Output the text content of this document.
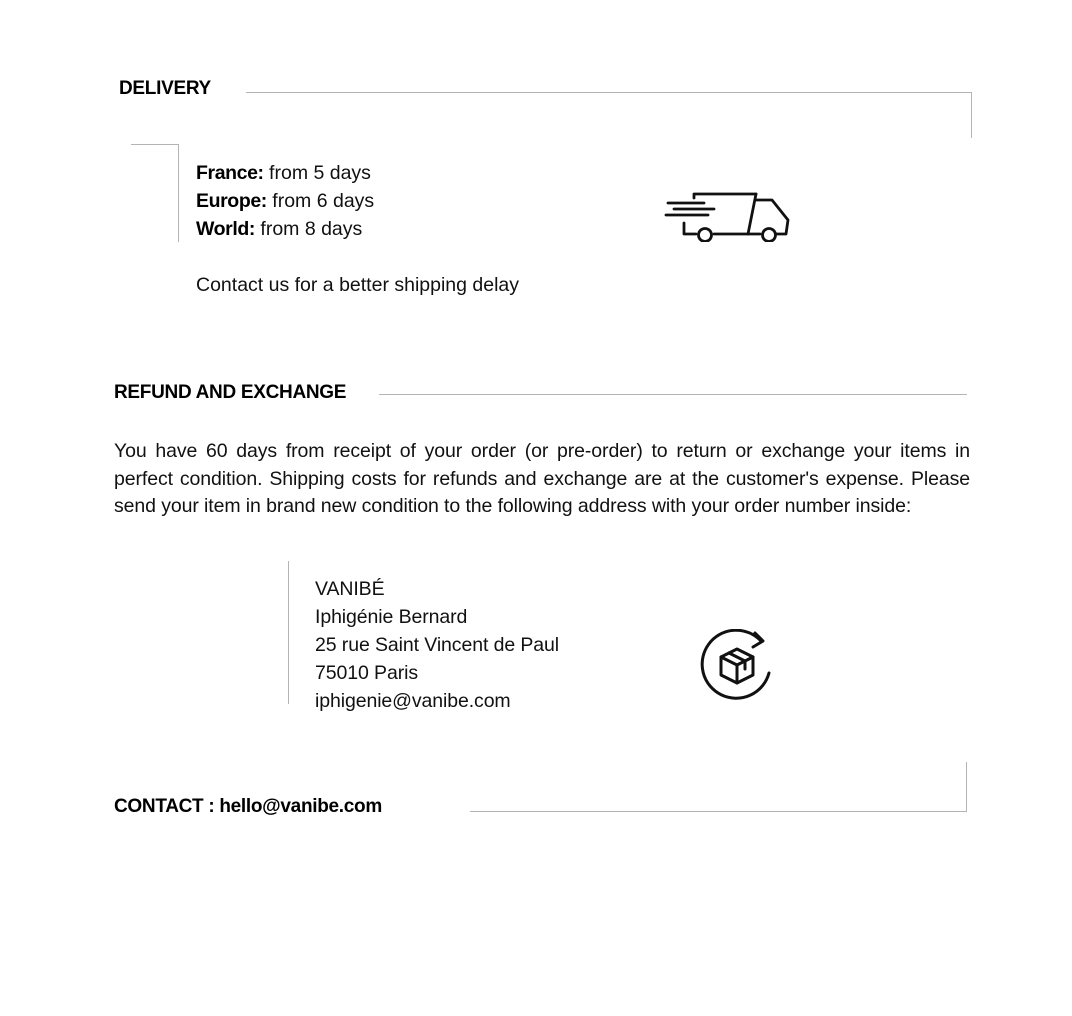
DELIVERY
France: from 5 days
Europe: from 6 days
World: from 8 days
Contact us for a better shipping delay
REFUND AND EXCHANGE
You have 60 days from receipt of your order (or pre-order) to return or exchange your items in perfect condition. Shipping costs for refunds and exchange are at the customer's expense. Please send your item in brand new condition to the following address with your order number inside:
VANIBÉ
Iphigénie Bernard
25 rue Saint Vincent de Paul
75010 Paris
iphigenie@vanibe.com
CONTACT : hello@vanibe.com
